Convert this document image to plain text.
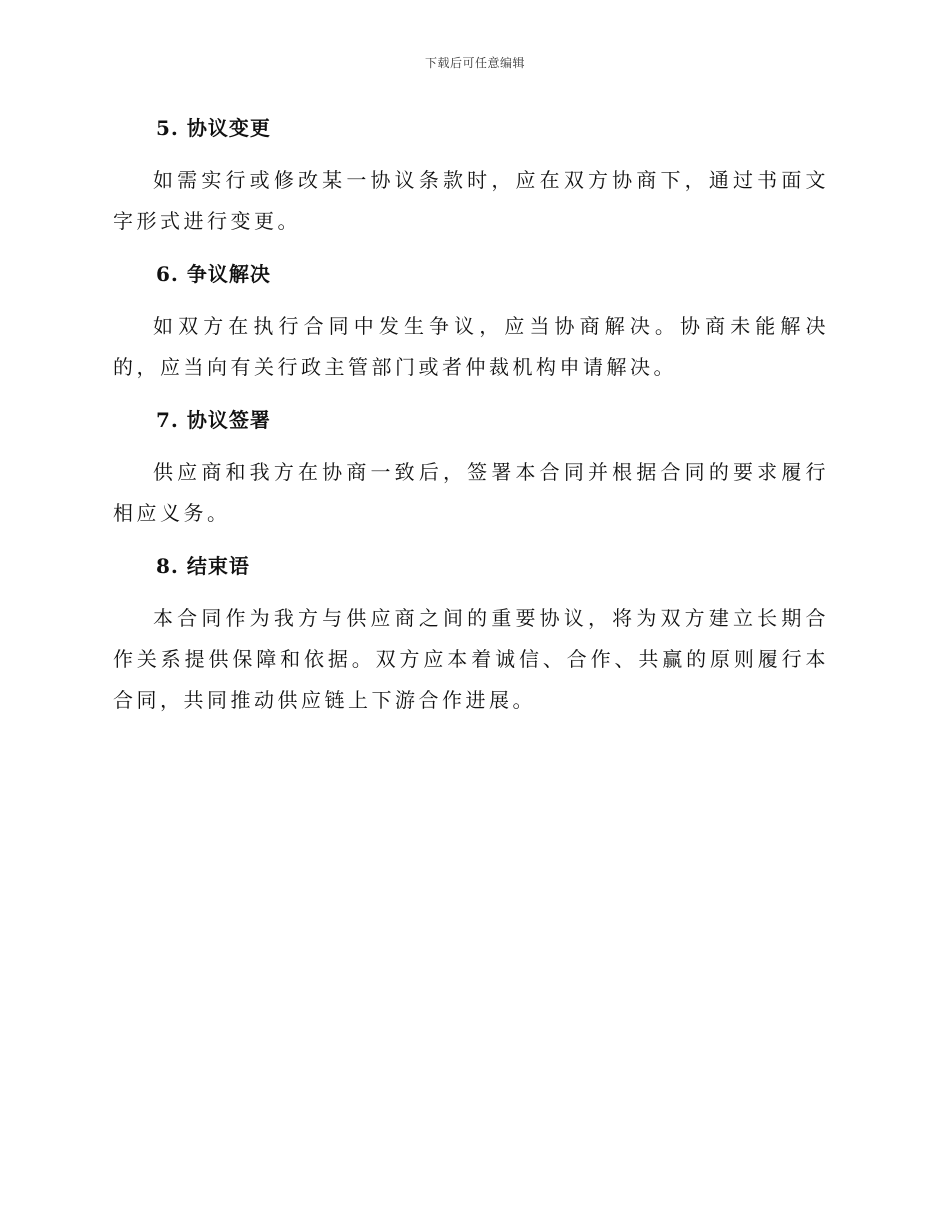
下载后可任意编辑
5. 协议变更

如需实行或修改某一协议条款时，应在双方协商下，通过书面文字形式进行变更。

6. 争议解决

如双方在执行合同中发生争议，应当协商解决。协商未能解决的，应当向有关行政主管部门或者仲裁机构申请解决。

7. 协议签署

供应商和我方在协商一致后，签署本合同并根据合同的要求履行相应义务。

8. 结束语

本合同作为我方与供应商之间的重要协议，将为双方建立长期合作关系提供保障和依据。双方应本着诚信、合作、共赢的原则履行本合同，共同推动供应链上下游合作进展。
